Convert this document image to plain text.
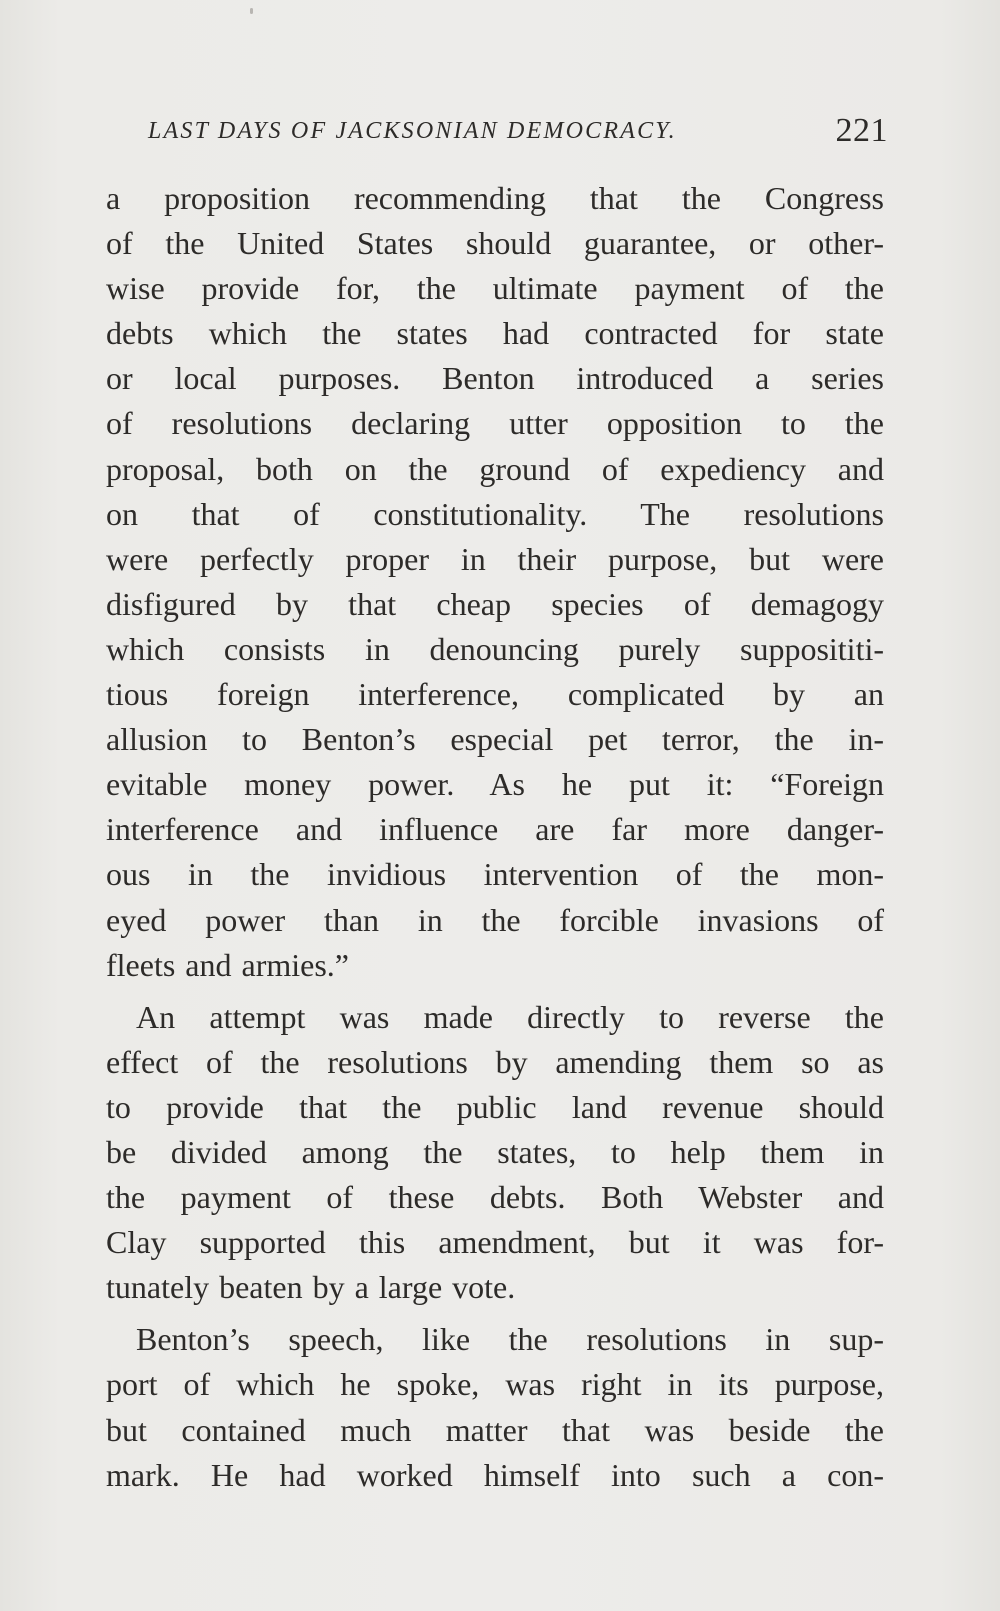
LAST DAYS OF JACKSONIAN DEMOCRACY.	221
a proposition recommending that the Congress
of the United States should guarantee, or other-
wise provide for, the ultimate payment of the
debts which the states had contracted for state
or local purposes. Benton introduced a series
of resolutions declaring utter opposition to the
proposal, both on the ground of expediency and
on that of constitutionality. The resolutions
were perfectly proper in their purpose, but were
disfigured by that cheap species of demagogy
which consists in denouncing purely supposititi-
tious foreign interference, complicated by an
allusion to Benton’s especial pet terror, the in-
evitable money power. As he put it: “Foreign
interference and influence are far more danger-
ous in the invidious intervention of the mon-
eyed power than in the forcible invasions of
fleets and armies.”
An attempt was made directly to reverse the
effect of the resolutions by amending them so as
to provide that the public land revenue should
be divided among the states, to help them in
the payment of these debts. Both Webster and
Clay supported this amendment, but it was for-
tunately beaten by a large vote.
Benton’s speech, like the resolutions in sup-
port of which he spoke, was right in its purpose,
but contained much matter that was beside the
mark. He had worked himself into such a con-
